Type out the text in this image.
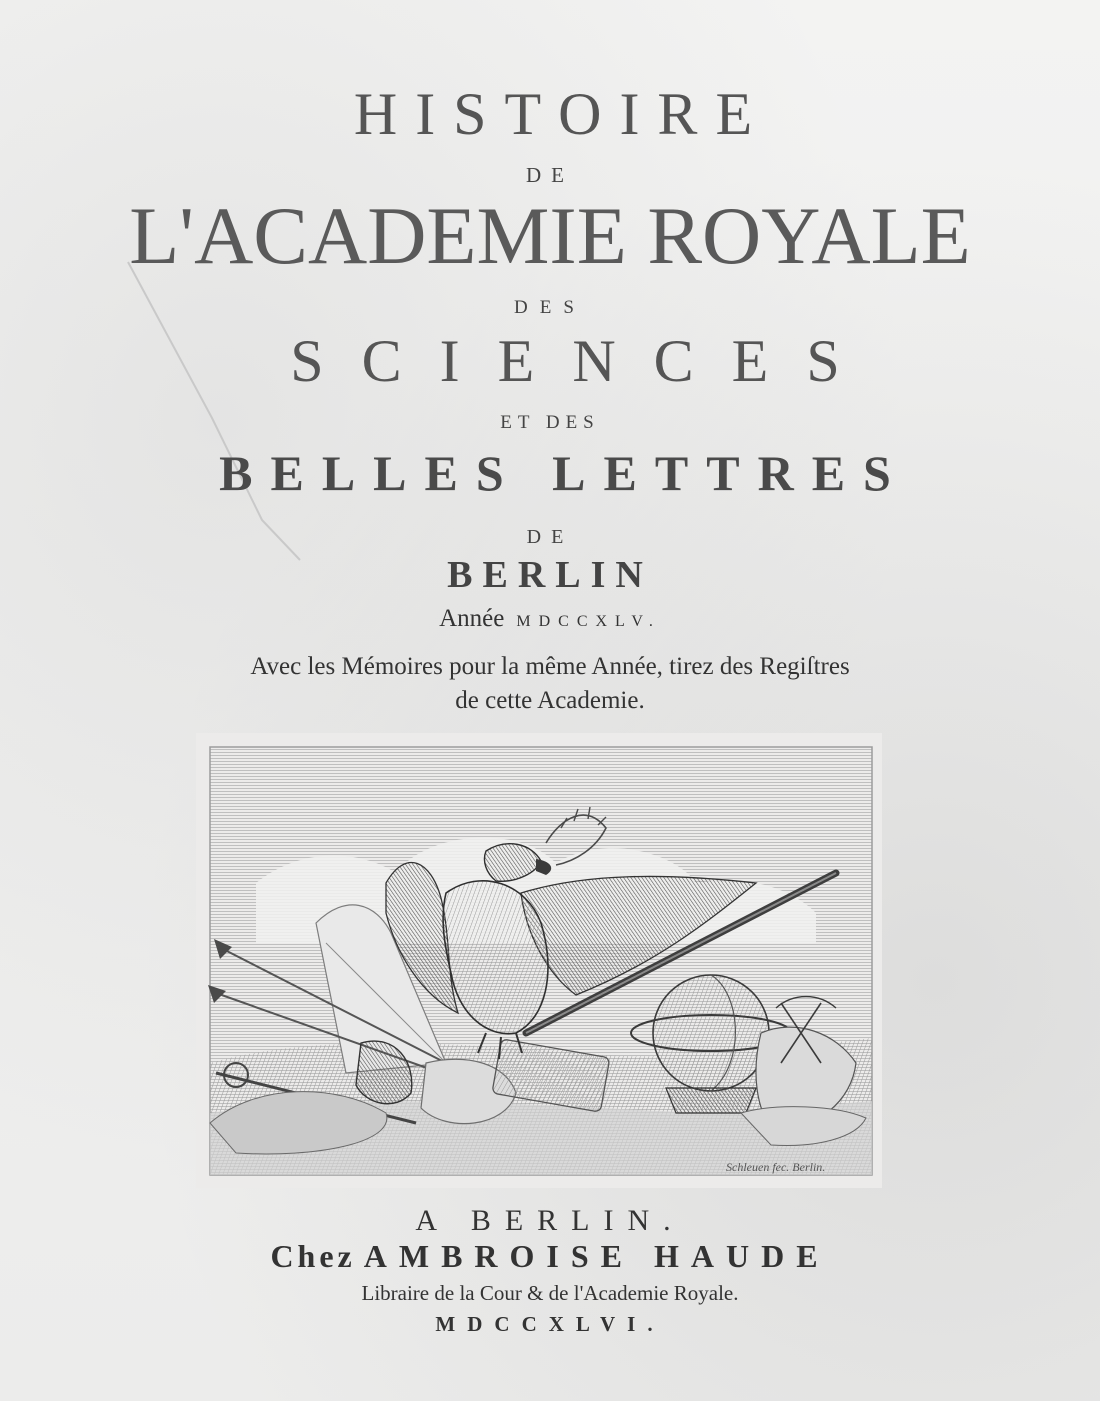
HISTOIRE

DE

L'ACADEMIE ROYALE

DES

SCIENCES

ET DES

BELLES LETTRES

DE

BERLIN

Année MDCCXLV.

Avec les Mémoires pour la même Année, tirez des Regiſtres

de cette Academie.

Schleuen fec. Berlin.

A BERLIN.

Chez AMBROISE HAUDE

Libraire de la Cour & de l'Academie Royale.

MDCCXLVI.
